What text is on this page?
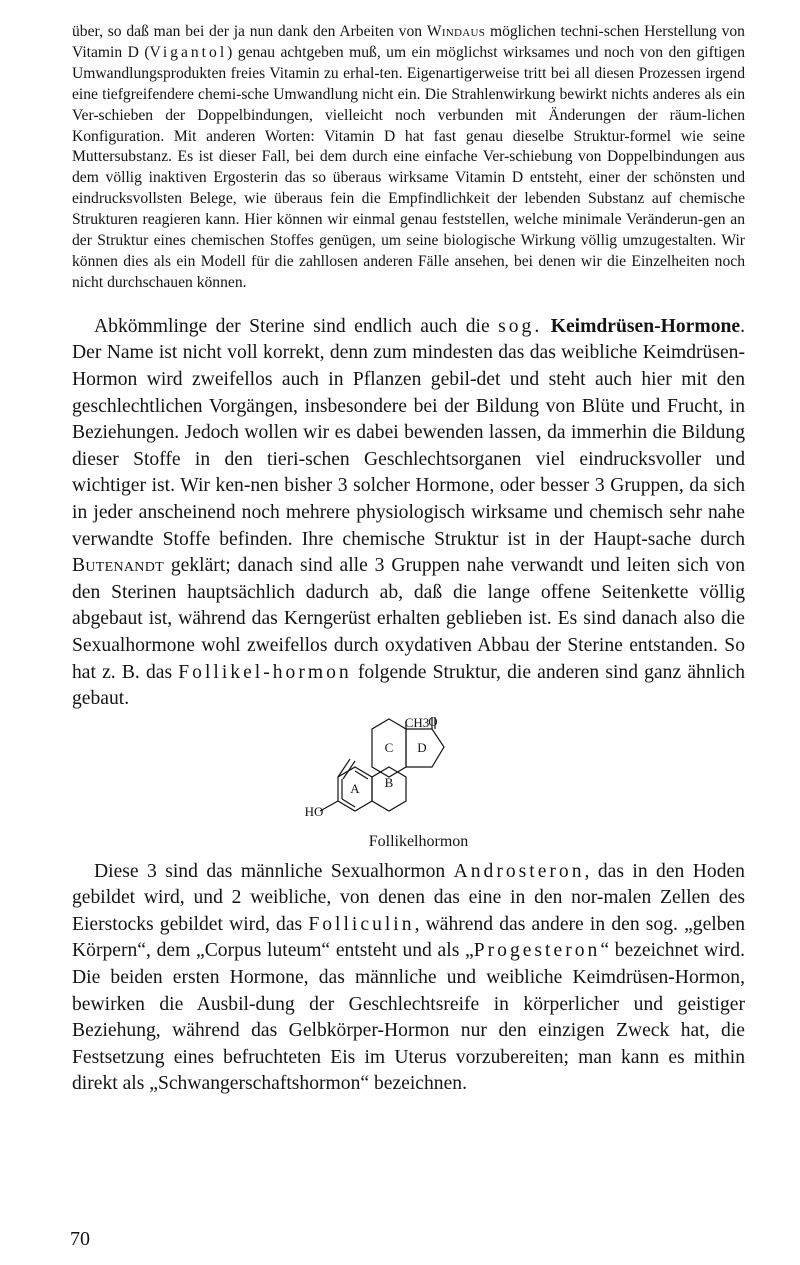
über, so daß man bei der ja nun dank den Arbeiten von Windaus möglichen techni-schen Herstellung von Vitamin D (Vigantol) genau achtgeben muß, um ein möglichst wirksames und noch von den giftigen Umwandlungsprodukten freies Vitamin zu erhal-ten. Eigenartigerweise tritt bei all diesen Prozessen irgend eine tiefgreifendere chemi-sche Umwandlung nicht ein. Die Strahlenwirkung bewirkt nichts anderes als ein Ver-schieben der Doppelbindungen, vielleicht noch verbunden mit Änderungen der räum-lichen Konfiguration. Mit anderen Worten: Vitamin D hat fast genau dieselbe Struktur-formel wie seine Muttersubstanz. Es ist dieser Fall, bei dem durch eine einfache Ver-schiebung von Doppelbindungen aus dem völlig inaktiven Ergosterin das so überaus wirksame Vitamin D entsteht, einer der schönsten und eindrucksvollsten Belege, wie überaus fein die Empfindlichkeit der lebenden Substanz auf chemische Strukturen reagieren kann. Hier können wir einmal genau feststellen, welche minimale Veränderun-gen an der Struktur eines chemischen Stoffes genügen, um seine biologische Wirkung völlig umzugestalten. Wir können dies als ein Modell für die zahllosen anderen Fälle ansehen, bei denen wir die Einzelheiten noch nicht durchschauen können.

Abkömmlinge der Sterine sind endlich auch die sog. Keimdrüsen-Hormone. Der Name ist nicht voll korrekt, denn zum mindesten das das weibliche Keimdrüsen-Hormon wird zweifellos auch in Pflanzen gebil-det und steht auch hier mit den geschlechtlichen Vorgängen, insbesondere bei der Bildung von Blüte und Frucht, in Beziehungen. Jedoch wollen wir es dabei bewenden lassen, da immerhin die Bildung dieser Stoffe in den tieri-schen Geschlechtsorganen viel eindrucksvoller und wichtiger ist. Wir ken-nen bisher 3 solcher Hormone, oder besser 3 Gruppen, da sich in jeder anscheinend noch mehrere physiologisch wirksame und chemisch sehr nahe verwandte Stoffe befinden. Ihre chemische Struktur ist in der Haupt-sache durch Butenandt geklärt; danach sind alle 3 Gruppen nahe verwandt und leiten sich von den Sterinen hauptsächlich dadurch ab, daß die lange offene Seitenkette völlig abgebaut ist, während das Kerngerüst erhalten geblieben ist. Es sind danach also die Sexualhormone wohl zweifellos durch oxydativen Abbau der Sterine entstanden. So hat z. B. das Follikel-hormon folgende Struktur, die anderen sind ganz ähnlich gebaut.

A B
C D
CH3 O
HO
Follikelhormon

Diese 3 sind das männliche Sexualhormon Androsteron, das in den Hoden gebildet wird, und 2 weibliche, von denen das eine in den nor-malen Zellen des Eierstocks gebildet wird, das Folliculin, während das andere in den sog. „gelben Körpern“, dem „Corpus luteum“ entsteht und als „Progesteron“ bezeichnet wird. Die beiden ersten Hormone, das männliche und weibliche Keimdrüsen-Hormon, bewirken die Ausbil-dung der Geschlechtsreife in körperlicher und geistiger Beziehung, während das Gelbkörper-Hormon nur den einzigen Zweck hat, die Festsetzung eines befruchteten Eis im Uterus vorzubereiten; man kann es mithin direkt als „Schwangerschaftshormon“ bezeichnen.

70
